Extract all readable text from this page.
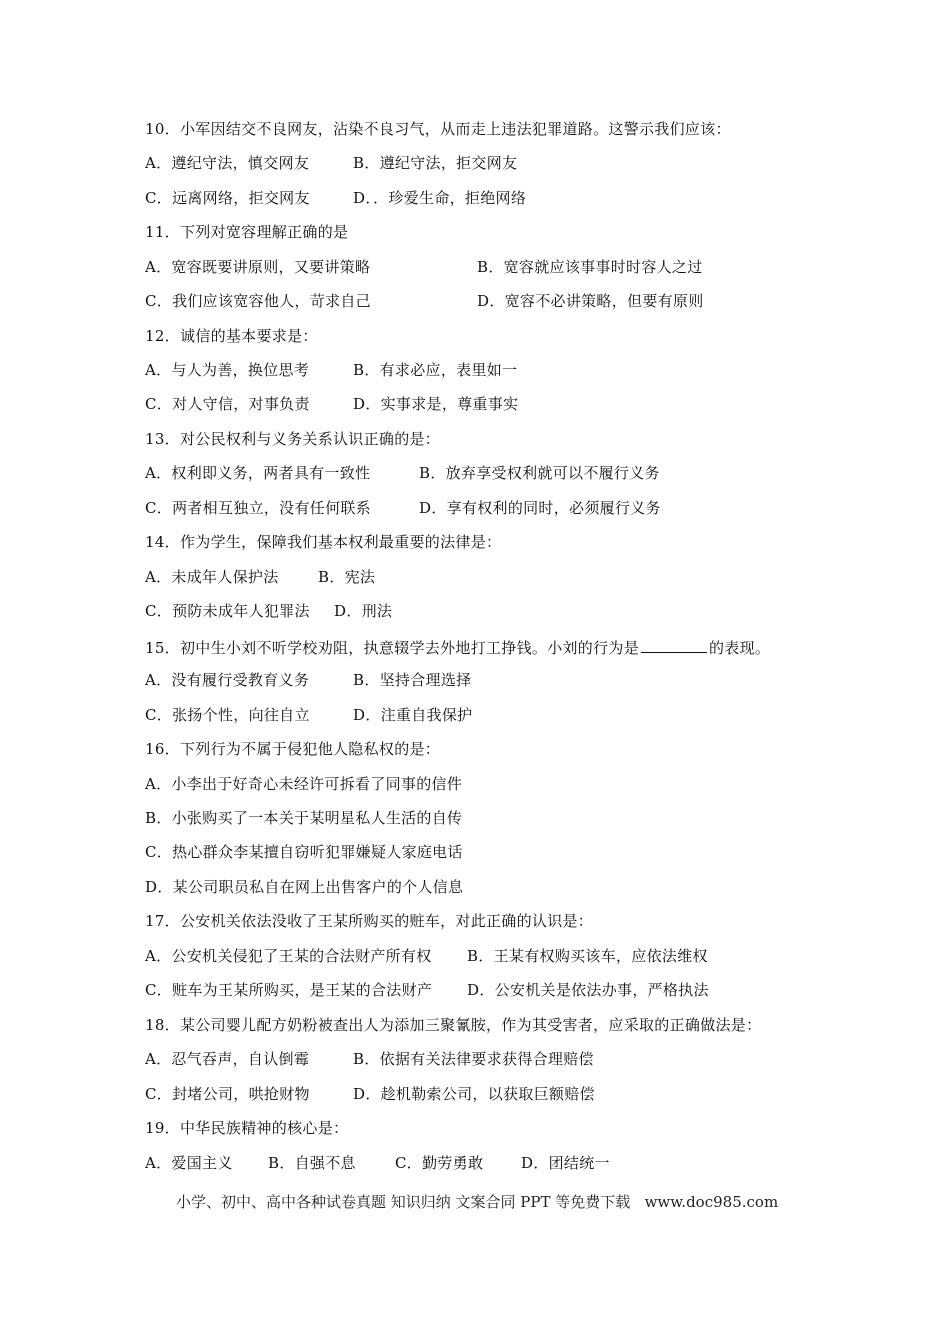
10．小军因结交不良网友，沾染不良习气，从而走上违法犯罪道路。这警示我们应该：

A．遵纪守法，慎交网友

	B．遵纪守法，拒交网友

C．远离网络，拒交网友

	D．．珍爱生命，拒绝网络

11．下列对宽容理解正确的是

A．宽容既要讲原则，又要讲策略

	B．宽容就应该事事时时容人之过

C．我们应该宽容他人，苛求自己

	D．宽容不必讲策略，但要有原则

12．诚信的基本要求是：

A．与人为善，换位思考

	B．有求必应，表里如一

C．对人守信，对事负责

	D．实事求是，尊重事实

13．对公民权利与义务关系认识正确的是：

A．权利即义务，两者具有一致性

	B．放弃享受权利就可以不履行义务

C．两者相互独立，没有任何联系

	D．享有权利的同时，必须履行义务

14．作为学生，保障我们基本权利最重要的法律是：

A．未成年人保护法

	B．宪法

C．预防未成年人犯罪法

D．刑法

15．初中生小刘不听学校劝阻，执意辍学去外地打工挣钱。小刘的行为是	的表现。

A．没有履行受教育义务

	B．坚持合理选择

C．张扬个性，向往自立

	D．注重自我保护

16．下列行为不属于侵犯他人隐私权的是：
A．小李出于好奇心未经许可拆看了同事的信件
B．小张购买了一本关于某明星私人生活的自传
C．热心群众李某擅自窃听犯罪嫌疑人家庭电话
D．某公司职员私自在网上出售客户的个人信息
17．公安机关依法没收了王某所购买的赃车，对此正确的认识是：

A．公安机关侵犯了王某的合法财产所有权

B．王某有权购买该车，应依法维权

C．赃车为王某所购买，是王某的合法财产

D．公安机关是依法办事，严格执法

18．某公司婴儿配方奶粉被查出人为添加三聚氰胺，作为其受害者，应采取的正确做法是：

A．忍气吞声，自认倒霉

	B．依据有关法律要求获得合理赔偿

C．封堵公司，哄抢财物

	D．趁机勒索公司，以获取巨额赔偿

19．中华民族精神的核心是：

A．爱国主义

B．自强不息

	C．勤劳勇敢

	D．团结统一

小学、初中、高中各种试卷真题 知识归纳 文案合同 PPT 等免费下载   www.doc985.com
